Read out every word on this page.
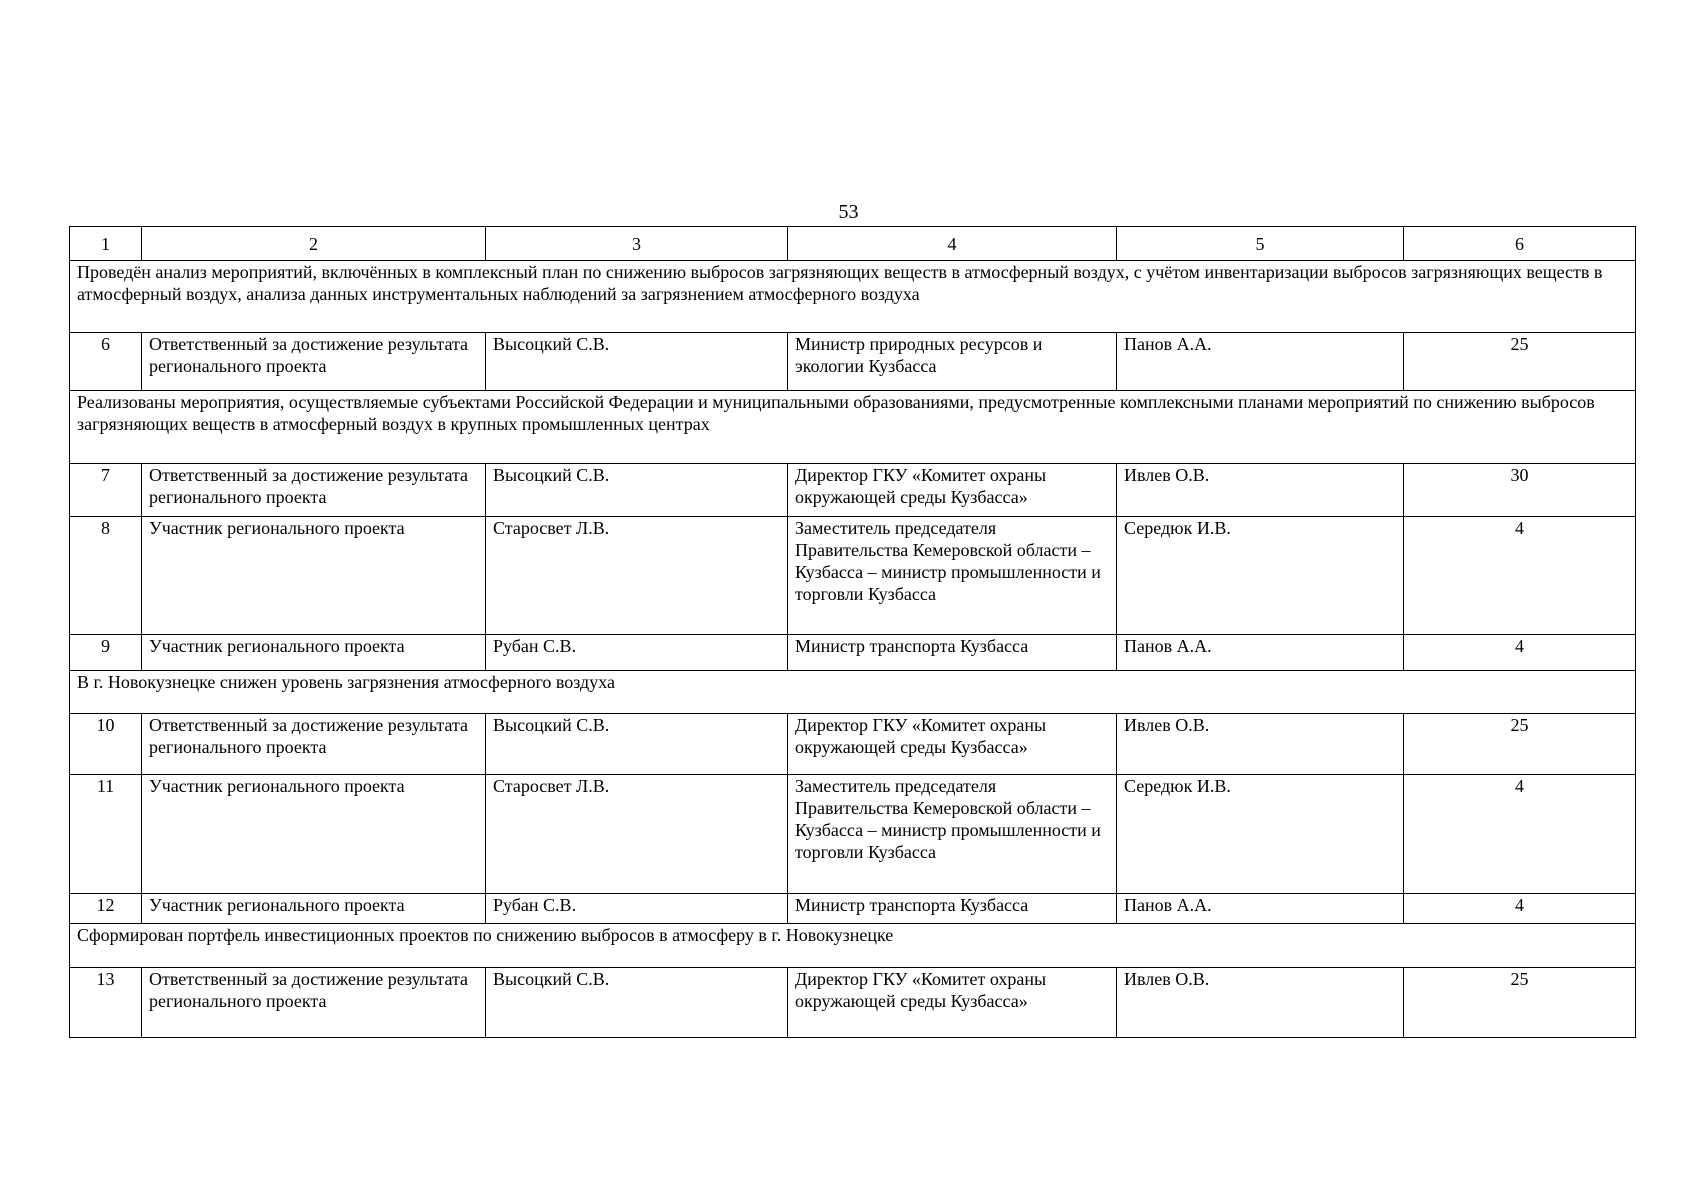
53
1	2	3	4	5	6
Проведён анализ мероприятий, включённых в комплексный план по снижению выбросов загрязняющих веществ в атмосферный воздух, с учётом инвентаризации выбросов загрязняющих веществ в атмосферный воздух, анализа данных инструментальных наблюдений за загрязнением атмосферного воздуха					
6	Ответственный за достижение результата регионального проекта	Высоцкий С.В.	Министр природных ресурсов и экологии Кузбасса	Панов А.А.	25
Реализованы мероприятия, осуществляемые субъектами Российской Федерации и муниципальными образованиями, предусмотренные комплексными планами мероприятий по снижению выбросов загрязняющих веществ в атмосферный воздух в крупных промышленных центрах					
7	Ответственный за достижение результата регионального проекта	Высоцкий С.В.	Директор ГКУ «Комитет охраны окружающей среды Кузбасса»	Ивлев О.В.	30
8	Участник регионального проекта	Старосвет Л.В.	Заместитель председателя Правительства Кемеровской области – Кузбасса – министр промышленности и торговли Кузбасса	Середюк И.В.	4
9	Участник регионального проекта	Рубан С.В.	Министр транспорта Кузбасса	Панов А.А.	4
В г. Новокузнецке снижен уровень загрязнения атмосферного воздуха					
10	Ответственный за достижение результата регионального проекта	Высоцкий С.В.	Директор ГКУ «Комитет охраны окружающей среды Кузбасса»	Ивлев О.В.	25
11	Участник регионального проекта	Старосвет Л.В.	Заместитель председателя Правительства Кемеровской области – Кузбасса – министр промышленности и торговли Кузбасса	Середюк И.В.	4
12	Участник регионального проекта	Рубан С.В.	Министр транспорта Кузбасса	Панов А.А.	4
Сформирован портфель инвестиционных проектов по снижению выбросов в атмосферу в г. Новокузнецке					
13	Ответственный за достижение результата регионального проекта	Высоцкий С.В.	Директор ГКУ «Комитет охраны окружающей среды Кузбасса»	Ивлев О.В.	25
